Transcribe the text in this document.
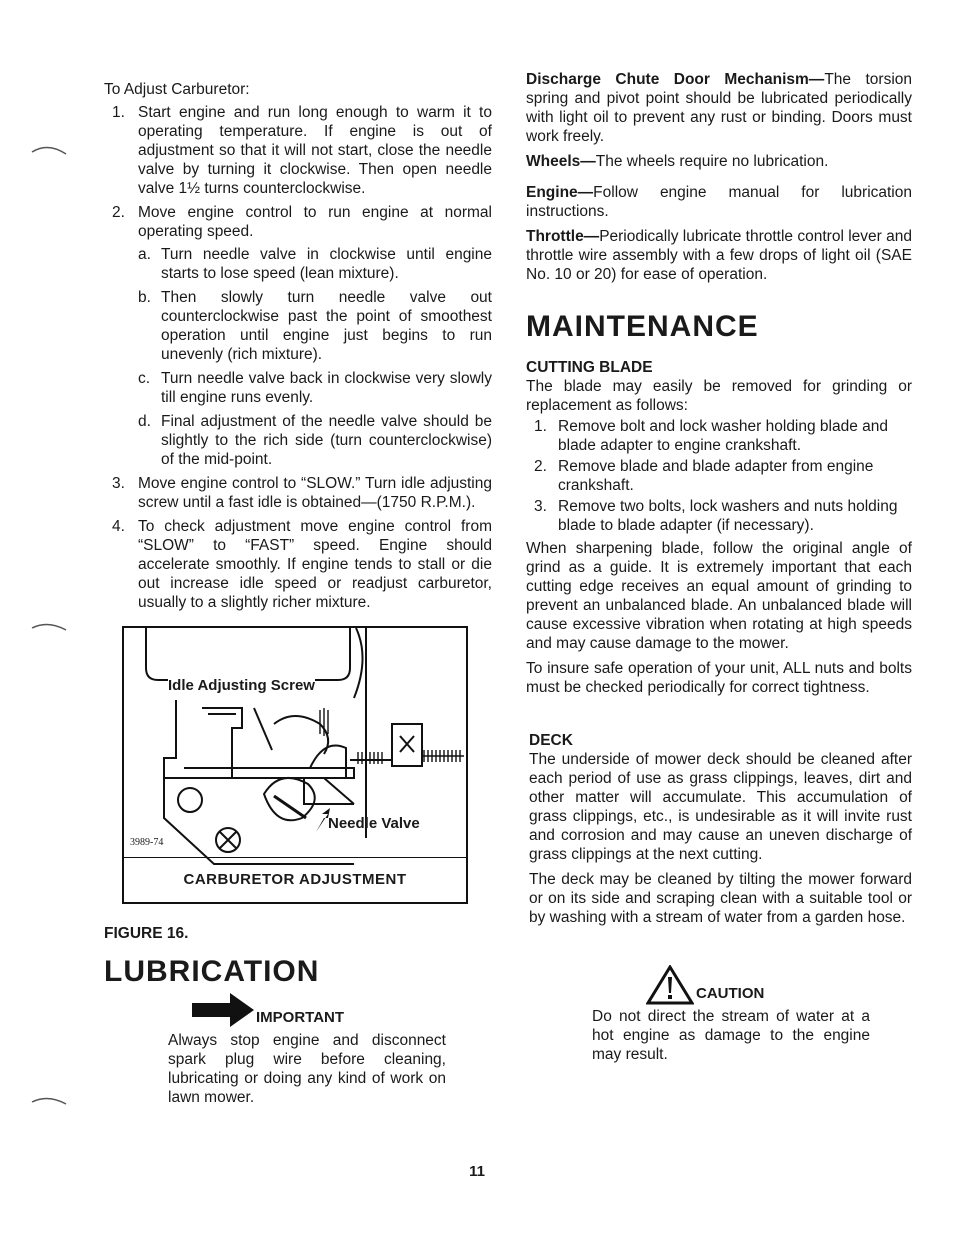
To Adjust Carburetor:

1. Start engine and run long enough to warm it to operating temperature. If engine is out of adjustment so that it will not start, close the needle valve by turning it clockwise. Then open needle valve 1½ turns counterclockwise.

2. Move engine control to run engine at normal operating speed.

a. Turn needle valve in clockwise until engine starts to lose speed (lean mixture).

b. Then slowly turn needle valve out counterclockwise past the point of smoothest operation until engine just begins to run unevenly (rich mixture).

c. Turn needle valve back in clockwise very slowly till engine runs evenly.

d. Final adjustment of the needle valve should be slightly to the rich side (turn counterclockwise) of the mid-point.

3. Move engine control to “SLOW.” Turn idle adjusting screw until a fast idle is obtained—(1750 R.P.M.).

4. To check adjustment move engine control from “SLOW” to “FAST” speed. Engine should accelerate smoothly. If engine tends to stall or die out increase idle speed or readjust carburetor, usually to a slightly richer mixture.

Idle Adjusting Screw
Needle Valve
3989-74
CARBURETOR ADJUSTMENT

FIGURE 16.

LUBRICATION

IMPORTANT

Always stop engine and disconnect spark plug wire before cleaning, lubricating or doing any kind of work on lawn mower.

Discharge Chute Door Mechanism—The torsion spring and pivot point should be lubricated periodically with light oil to prevent any rust or binding. Doors must work freely.

Wheels—The wheels require no lubrication.

Engine—Follow engine manual for lubrication instructions.

Throttle—Periodically lubricate throttle control lever and throttle wire assembly with a few drops of light oil (SAE No. 10 or 20) for ease of operation.

MAINTENANCE

CUTTING BLADE

The blade may easily be removed for grinding or replacement as follows:

1. Remove bolt and lock washer holding blade and blade adapter to engine crankshaft.

2. Remove blade and blade adapter from engine crankshaft.

3. Remove two bolts, lock washers and nuts holding blade to blade adapter (if necessary).

When sharpening blade, follow the original angle of grind as a guide. It is extremely important that each cutting edge receives an equal amount of grinding to prevent an unbalanced blade. An unbalanced blade will cause excessive vibration when rotating at high speeds and may cause damage to the mower.

To insure safe operation of your unit, ALL nuts and bolts must be checked periodically for correct tightness.

DECK

The underside of mower deck should be cleaned after each period of use as grass clippings, leaves, dirt and other matter will accumulate. This accumulation of grass clippings, etc., is undesirable as it will invite rust and corrosion and may cause an uneven discharge of grass clippings at the next cutting.

The deck may be cleaned by tilting the mower forward or on its side and scraping clean with a suitable tool or by washing with a stream of water from a garden hose.

CAUTION

Do not direct the stream of water at a hot engine as damage to the engine may result.

11
